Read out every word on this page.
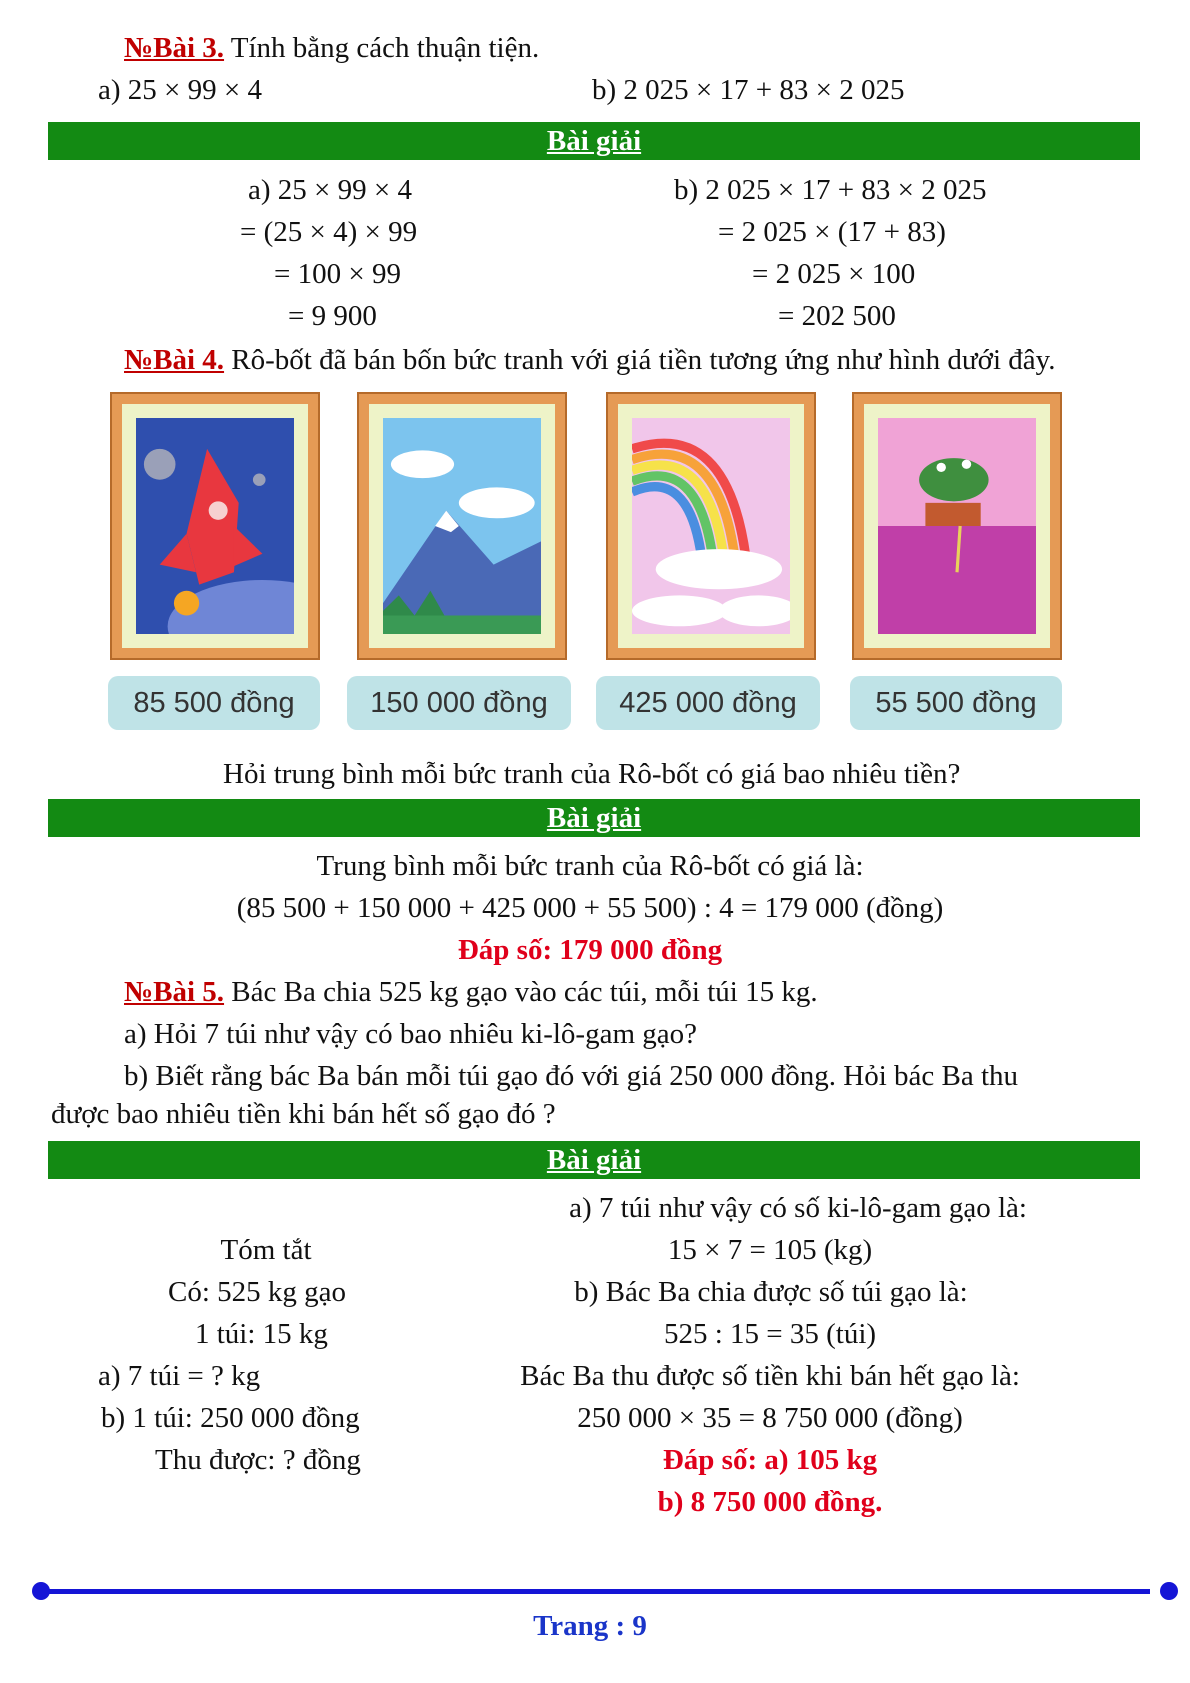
№Bài 3. Tính bằng cách thuận tiện.
a) 25 × 99 × 4	b) 2 025 × 17 + 83 × 2 025
Bài giải
a) 25 × 99 × 4
= (25 × 4) × 99
= 100 × 99
= 9 900
b) 2 025 × 17 + 83 × 2 025
= 2 025 × (17 + 83)
= 2 025 × 100
= 202 500
№Bài 4. Rô-bốt đã bán bốn bức tranh với giá tiền tương ứng như hình dưới đây.
85 500 đồng	150 000 đồng	425 000 đồng	55 500 đồng
Hỏi trung bình mỗi bức tranh của Rô-bốt có giá bao nhiêu tiền?
Bài giải
Trung bình mỗi bức tranh của Rô-bốt có giá là:
(85 500 + 150 000 + 425 000 + 55 500) : 4 = 179 000 (đồng)
Đáp số: 179 000 đồng
№Bài 5. Bác Ba chia 525 kg gạo vào các túi, mỗi túi 15 kg.
a) Hỏi 7 túi như vậy có bao nhiêu ki-lô-gam gạo?
b) Biết rằng bác Ba bán mỗi túi gạo đó với giá 250 000 đồng. Hỏi bác Ba thu
được bao nhiêu tiền khi bán hết số gạo đó ?
Bài giải
Tóm tắt
Có: 525 kg gạo
1 túi: 15 kg
a) 7 túi = ? kg
b) 1 túi: 250 000 đồng
Thu được: ? đồng
a) 7 túi như vậy có số ki-lô-gam gạo là:
15 × 7 = 105 (kg)
b) Bác Ba chia được số túi gạo là:
525 : 15 = 35 (túi)
Bác Ba thu được số tiền khi bán hết gạo là:
250 000 × 35 = 8 750 000 (đồng)
Đáp số: a) 105 kg
b) 8 750 000 đồng.
Trang : 9
